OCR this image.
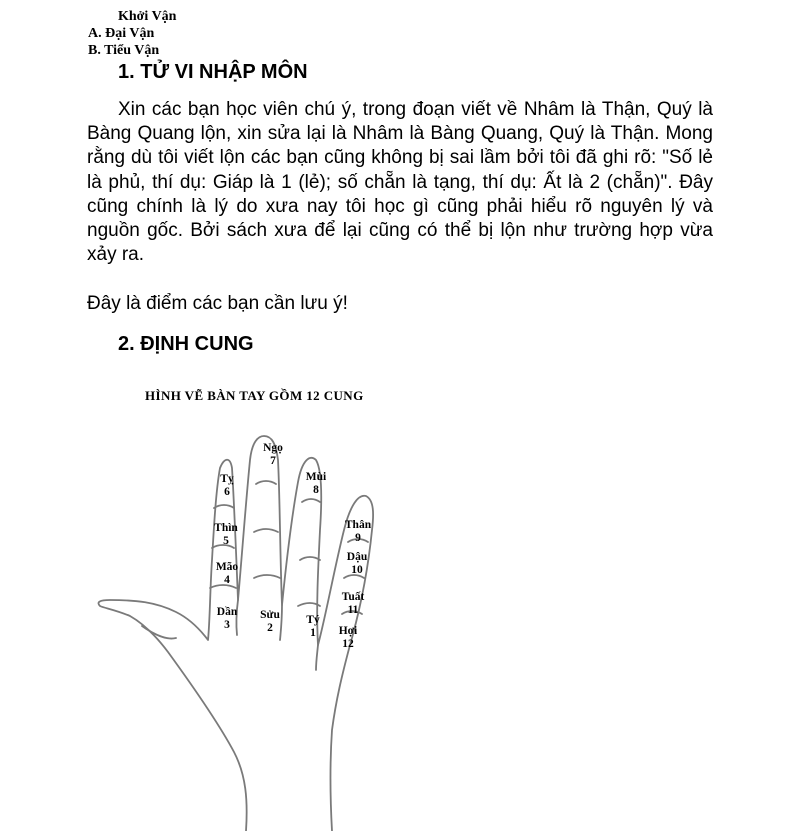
Khởi Vận
A. Đại Vận
B. Tiểu Vận
1. TỬ VI NHẬP MÔN
Xin các bạn học viên chú ý, trong đoạn viết về Nhâm là Thận, Quý là Bàng Quang lộn, xin sửa lại là Nhâm là Bàng Quang, Quý là Thận. Mong rằng dù tôi viết lộn các bạn cũng không bị sai lầm bởi tôi đã ghi rõ: "Số lẻ là phủ, thí dụ: Giáp là 1 (lẻ); số chẵn là tạng, thí dụ: Ất là 2 (chẵn)". Đây cũng chính là lý do xưa nay tôi học gì cũng phải hiểu rõ nguyên lý và nguồn gốc. Bởi sách xưa để lại cũng có thể bị lộn như trường hợp vừa xảy ra.
Đây là điểm các bạn cần lưu ý!
2. ĐỊNH CUNG
HÌNH VẼ BÀN TAY GỒM 12 CUNG
Tỵ
6
Thìn
5
Mão
4
Dần
3
Ngọ
7
Sửu
2
Mùi
8
Tý
1
Thân
9
Dậu
10
Tuất
11
Hợi
12
